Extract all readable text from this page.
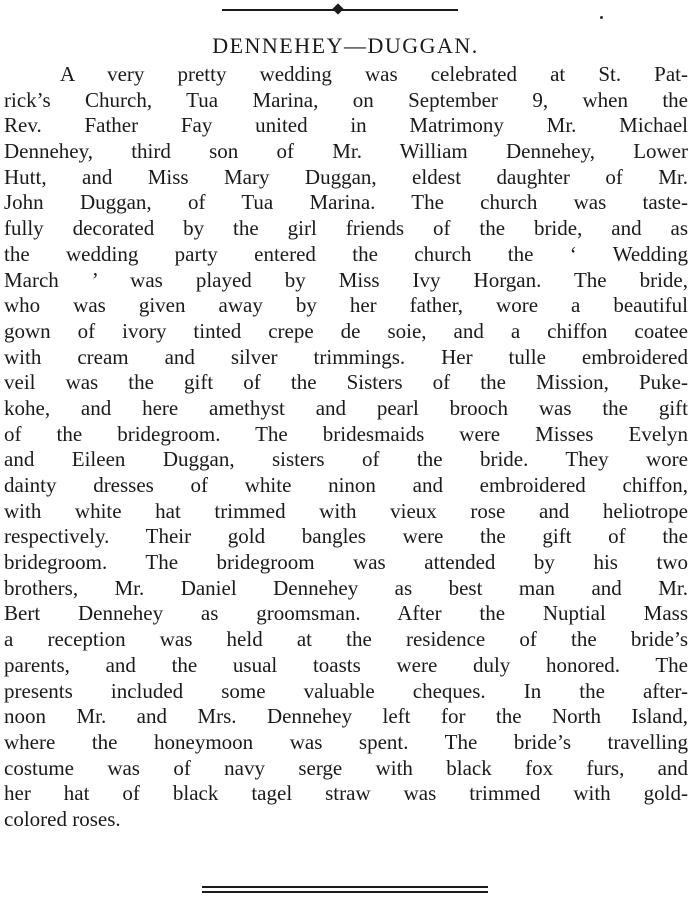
DENNEHEY—DUGGAN.
A very pretty wedding was celebrated at St. Pat-
rick’s Church, Tua Marina, on September 9, when the
Rev. Father Fay united in Matrimony Mr. Michael
Dennehey, third son of Mr. William Dennehey, Lower
Hutt, and Miss Mary Duggan, eldest daughter of Mr.
John Duggan, of Tua Marina. The church was taste-
fully decorated by the girl friends of the bride, and as
the wedding party entered the church the ‘ Wedding
March ’ was played by Miss Ivy Horgan. The bride,
who was given away by her father, wore a beautiful
gown of ivory tinted crepe de soie, and a chiffon coatee
with cream and silver trimmings. Her tulle embroidered
veil was the gift of the Sisters of the Mission, Puke-
kohe, and here amethyst and pearl brooch was the gift
of the bridegroom. The bridesmaids were Misses Evelyn
and Eileen Duggan, sisters of the bride. They wore
dainty dresses of white ninon and embroidered chiffon,
with white hat trimmed with vieux rose and heliotrope
respectively. Their gold bangles were the gift of the
bridegroom. The bridegroom was attended by his two
brothers, Mr. Daniel Dennehey as best man and Mr.
Bert Dennehey as groomsman. After the Nuptial Mass
a reception was held at the residence of the bride’s
parents, and the usual toasts were duly honored. The
presents included some valuable cheques. In the after-
noon Mr. and Mrs. Dennehey left for the North Island,
where the honeymoon was spent. The bride’s travelling
costume was of navy serge with black fox furs, and
her hat of black tagel straw was trimmed with gold-
colored roses.
